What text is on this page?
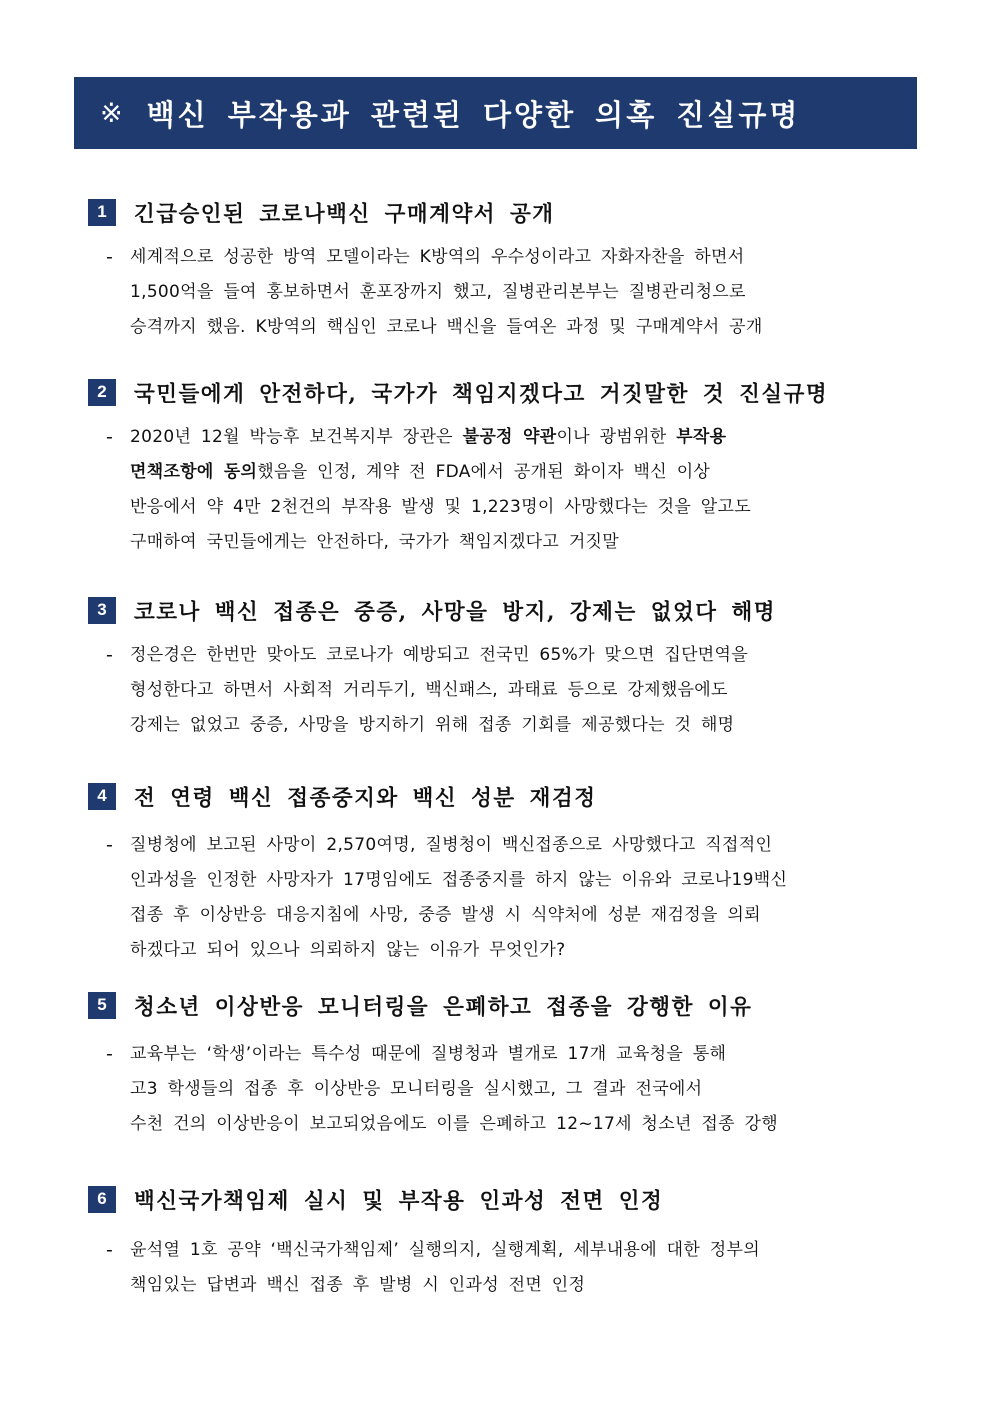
※ 백신 부작용과 관련된 다양한 의혹 진실규명
1	긴급승인된 코로나백신 구매계약서 공개
- 세계적으로 성공한 방역 모델이라는 K방역의 우수성이라고 자화자찬을 하면서
1,500억을 들여 홍보하면서 훈포장까지 했고, 질병관리본부는 질병관리청으로
승격까지 했음. K방역의 핵심인 코로나 백신을 들여온 과정 및 구매계약서 공개
2	국민들에게 안전하다, 국가가 책임지겠다고 거짓말한 것 진실규명
- 2020년 12월 박능후 보건복지부 장관은 불공정 약관이나 광범위한 부작용
면책조항에 동의했음을 인정, 계약 전 FDA에서 공개된 화이자 백신 이상
반응에서 약 4만 2천건의 부작용 발생 및 1,223명이 사망했다는 것을 알고도
구매하여 국민들에게는 안전하다, 국가가 책임지겠다고 거짓말
3	코로나 백신 접종은 중증, 사망을 방지, 강제는 없었다 해명
- 정은경은 한번만 맞아도 코로나가 예방되고 전국민 65%가 맞으면 집단면역을
형성한다고 하면서 사회적 거리두기, 백신패스, 과태료 등으로 강제했음에도
강제는 없었고 중증, 사망을 방지하기 위해 접종 기회를 제공했다는 것 해명
4	전 연령 백신 접종중지와 백신 성분 재검정
- 질병청에 보고된 사망이 2,570여명, 질병청이 백신접종으로 사망했다고 직접적인
인과성을 인정한 사망자가 17명임에도 접종중지를 하지 않는 이유와 코로나19백신
접종 후 이상반응 대응지침에 사망, 중증 발생 시 식약처에 성분 재검정을 의뢰
하겠다고 되어 있으나 의뢰하지 않는 이유가 무엇인가?
5	청소년 이상반응 모니터링을 은폐하고 접종을 강행한 이유
- 교육부는 ‘학생’이라는 특수성 때문에 질병청과 별개로 17개 교육청을 통해
고3 학생들의 접종 후 이상반응 모니터링을 실시했고, 그 결과 전국에서
수천 건의 이상반응이 보고되었음에도 이를 은폐하고 12~17세 청소년 접종 강행
6	백신국가책임제 실시 및 부작용 인과성 전면 인정
- 윤석열 1호 공약 ‘백신국가책임제’ 실행의지, 실행계획, 세부내용에 대한 정부의
책임있는 답변과 백신 접종 후 발병 시 인과성 전면 인정
